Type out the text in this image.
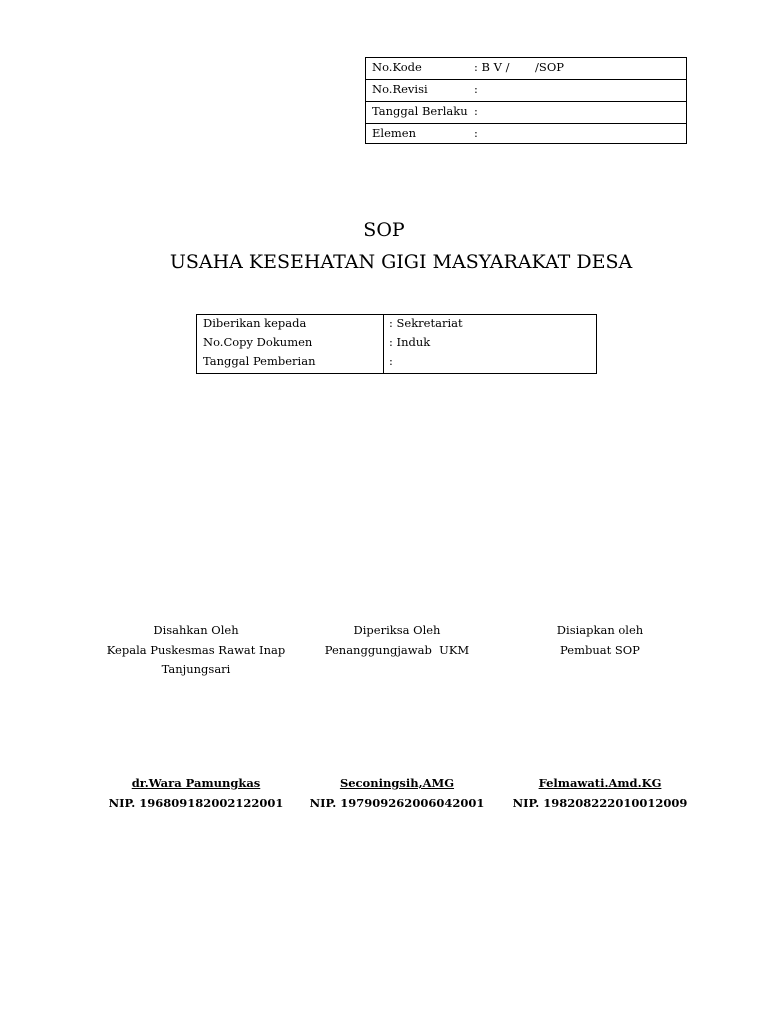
No.Kode	: B V /       /SOP
No.Revisi	:
Tanggal Berlaku :
Elemen	:
SOP
USAHA KESEHATAN GIGI MASYARAKAT DESA
Diberikan kepada	: Sekretariat
No.Copy Dokumen	: Induk
Tanggal Pemberian	:
Disahkan Oleh
Kepala Puskesmas Rawat Inap
Tanjungsari
Diperiksa Oleh
Penanggungjawab  UKM
Disiapkan oleh
Pembuat SOP
dr.Wara Pamungkas
NIP. 196809182002122001
Seconingsih,AMG
NIP. 197909262006042001
Felmawati.Amd.KG
NIP. 198208222010012009
